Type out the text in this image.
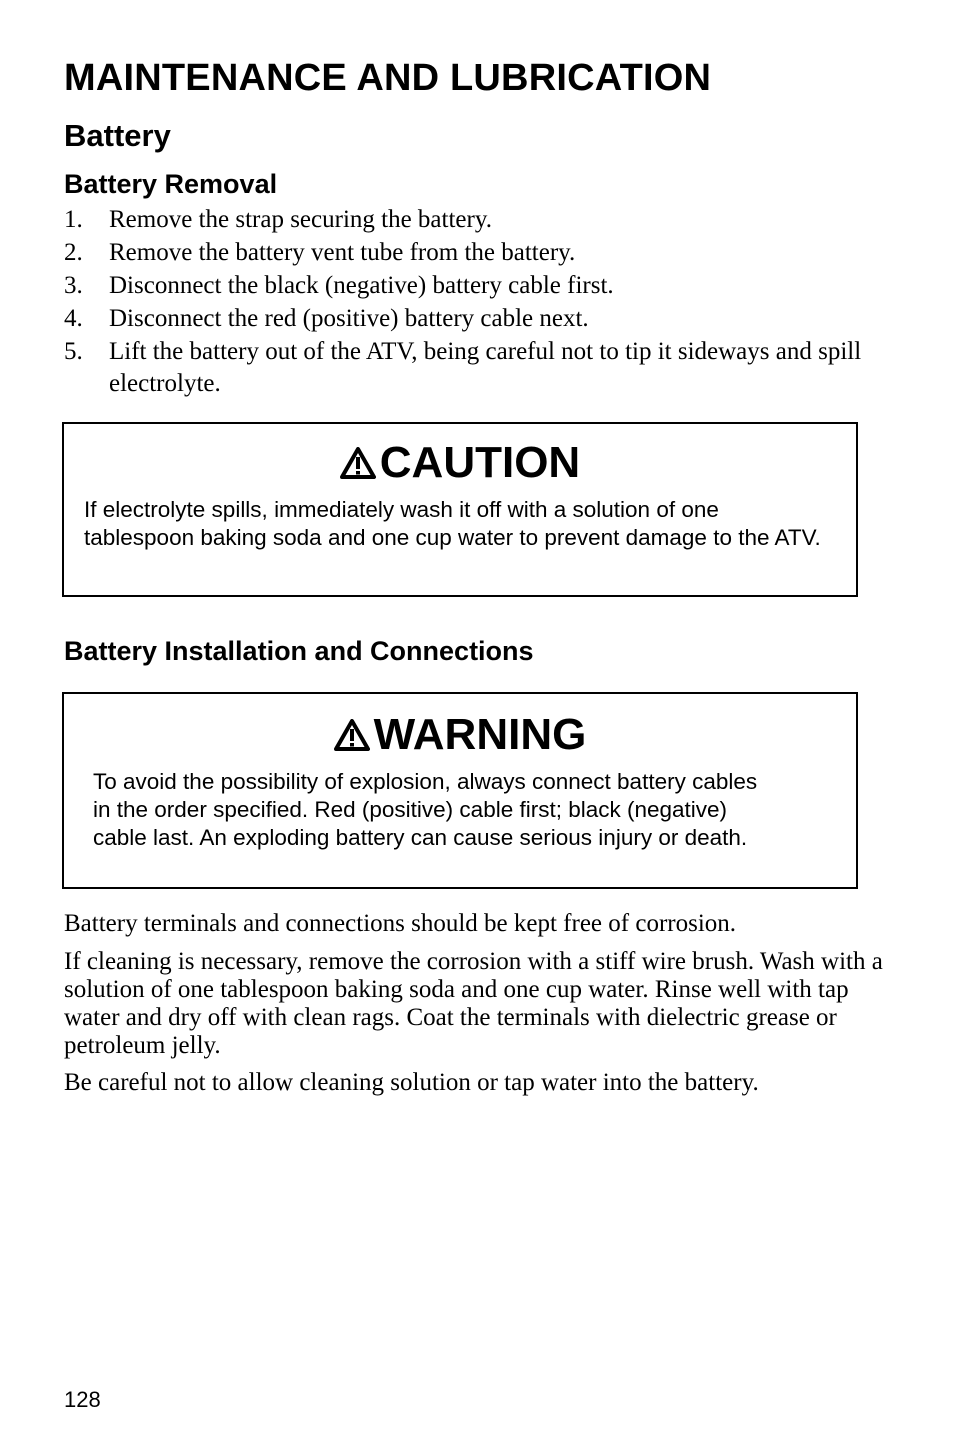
MAINTENANCE AND LUBRICATION
Battery
Battery Removal
1. Remove the strap securing the battery.
2. Remove the battery vent tube from the battery.
3. Disconnect the black (negative) battery cable first.
4. Disconnect the red (positive) battery cable next.
5. Lift the battery out of the ATV, being careful not to tip it sideways and spill electrolyte.
CAUTION
If electrolyte spills, immediately wash it off with a solution of one tablespoon baking soda and one cup water to prevent damage to the ATV.
Battery Installation and Connections
WARNING
To avoid the possibility of explosion, always connect battery cables
in the order specified. Red (positive) cable first; black (negative)
cable last. An exploding battery can cause serious injury or death.

Battery terminals and connections should be kept free of corrosion.

If cleaning is necessary, remove the corrosion with a stiff wire brush. Wash with a solution of one tablespoon baking soda and one cup water. Rinse well with tap water and dry off with clean rags. Coat the terminals with dielectric grease or petroleum jelly.

Be careful not to allow cleaning solution or tap water into the battery.

128
